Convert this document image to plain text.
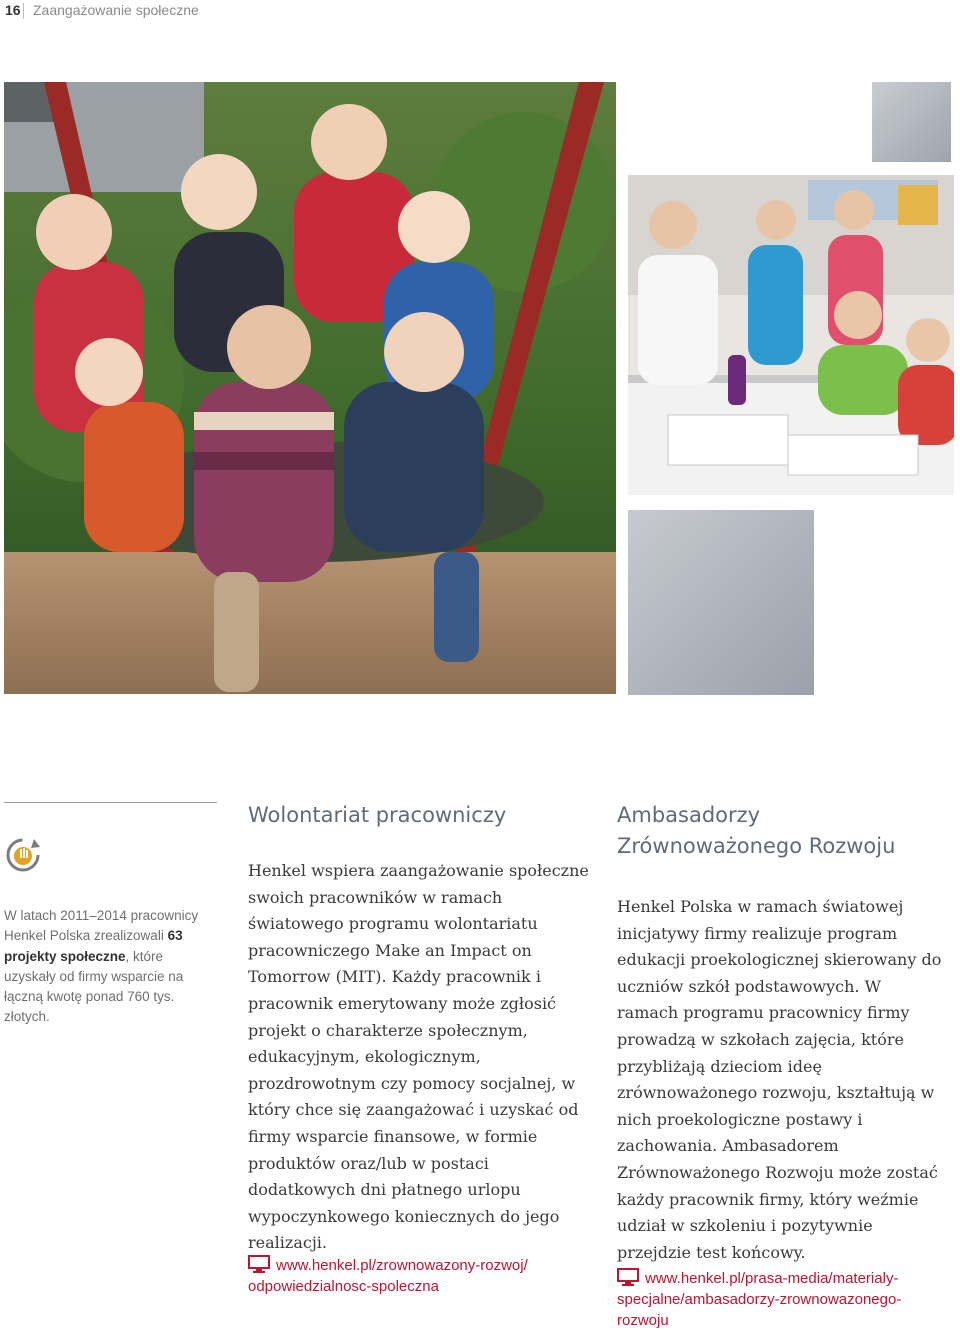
16 Zaangażowanie społeczne
W latach 2011–2014 pracownicy Henkel Polska zrealizowali 63 projekty społeczne, które uzyskały od firmy wsparcie na łączną kwotę ponad 760 tys. złotych.
Wolontariat pracowniczy
Henkel wspiera zaangażowanie społeczne swoich pracowników w ramach światowego programu wolontariatu pracowniczego Make an Impact on Tomorrow (MIT). Każdy pracownik i pracownik emerytowany może zgłosić projekt o charakterze społecznym, edukacyjnym, ekologicznym, prozdrowotnym czy pomocy socjalnej, w który chce się zaangażować i uzyskać od firmy wsparcie finansowe, w formie produktów oraz/lub w postaci dodatkowych dni płatnego urlopu wypoczynkowego koniecznych do jego realizacji.
www.henkel.pl/zrownowazony-rozwoj/ odpowiedzialnosc-spoleczna
Ambasadorzy Zrównoważonego Rozwoju
Henkel Polska w ramach światowej inicjatywy firmy realizuje program edukacji proekologicznej skierowany do uczniów szkół podstawowych. W ramach programu pracownicy firmy prowadzą w szkołach zajęcia, które przybliżają dzieciom ideę zrównoważonego rozwoju, kształtują w nich proekologiczne postawy i zachowania. Ambasadorem Zrównoważonego Rozwoju może zostać każdy pracownik firmy, który weźmie udział w szkoleniu i pozytywnie przejdzie test końcowy.
www.henkel.pl/prasa-media/materialy-specjalne/ambasadorzy-zrownowazonego-rozwoju
